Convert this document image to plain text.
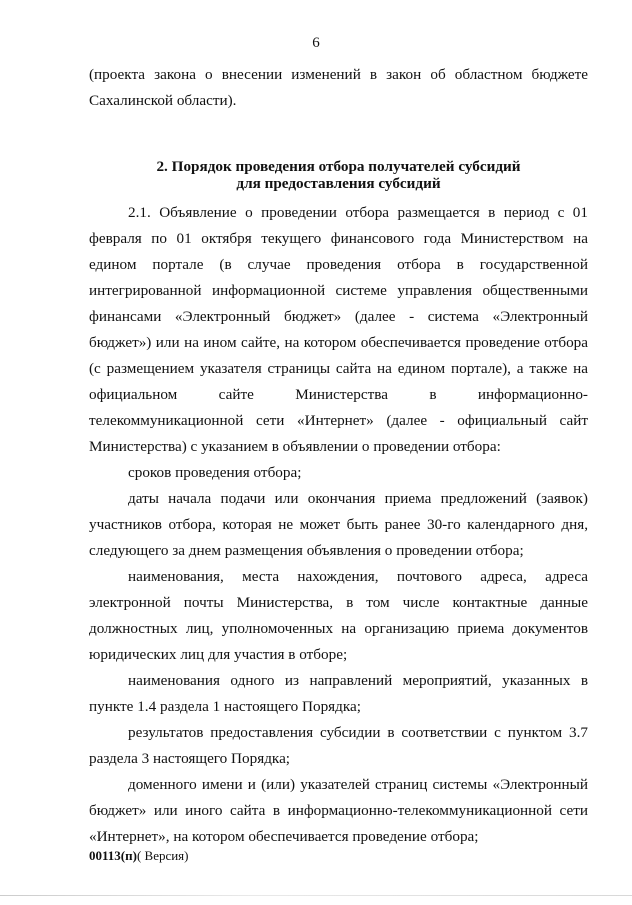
6

(проекта закона о внесении изменений в закон об областном бюджете Сахалинской области).

2. Порядок проведения отбора получателей субсидий
для предоставления субсидий

2.1. Объявление о проведении отбора размещается в период с 01 февраля по 01 октября текущего финансового года Министерством на едином портале (в случае проведения отбора в государственной интегрированной информационной системе управления общественными финансами «Электронный бюджет» (далее - система «Электронный бюджет») или на ином сайте, на котором обеспечивается проведение отбора (с размещением указателя страницы сайта на едином портале), а также на официальном сайте Министерства в информационно-телекоммуникационной сети «Интернет» (далее - официальный сайт Министерства) с указанием в объявлении о проведении отбора:

сроков проведения отбора;

даты начала подачи или окончания приема предложений (заявок) участников отбора, которая не может быть ранее 30-го календарного дня, следующего за днем размещения объявления о проведении отбора;

наименования, места нахождения, почтового адреса, адреса электронной почты Министерства, в том числе контактные данные должностных лиц, уполномоченных на организацию приема документов юридических лиц для участия в отборе;

наименования одного из направлений мероприятий, указанных в пункте 1.4 раздела 1 настоящего Порядка;

результатов предоставления субсидии в соответствии с пунктом 3.7 раздела 3 настоящего Порядка;

доменного имени и (или) указателей страниц системы «Электронный бюджет» или иного сайта в информационно-телекоммуникационной сети «Интернет», на котором обеспечивается проведение отбора;

00113(п)( Версия)
